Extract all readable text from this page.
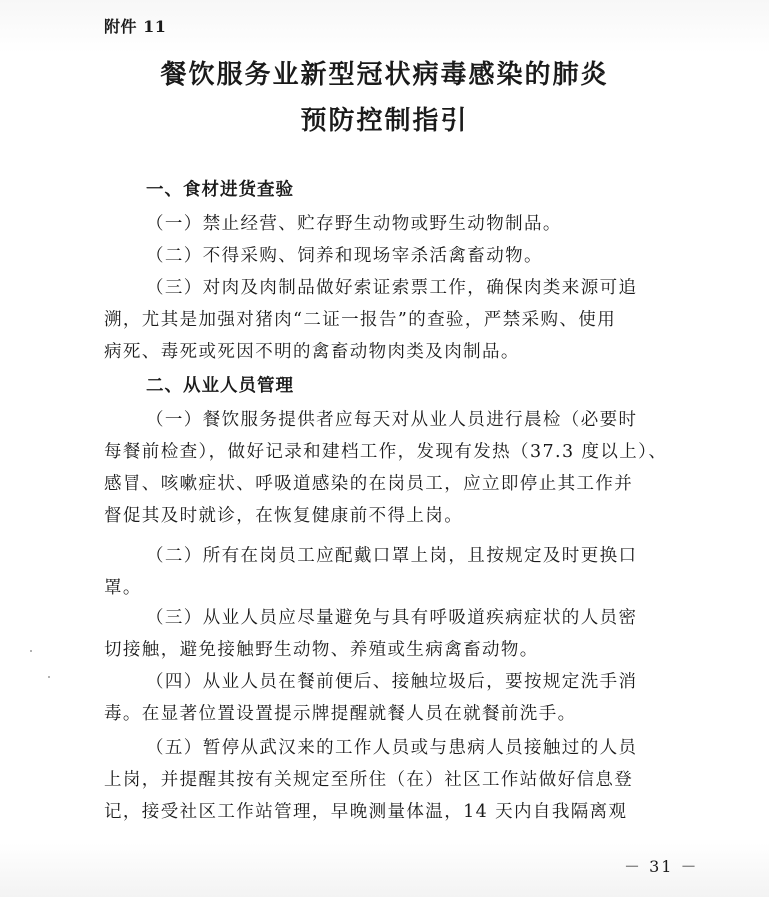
附件 11
餐饮服务业新型冠状病毒感染的肺炎
预防控制指引
一、食材进货查验
（一）禁止经营、贮存野生动物或野生动物制品。
（二）不得采购、饲养和现场宰杀活禽畜动物。
（三）对肉及肉制品做好索证索票工作，确保肉类来源可追
溯，尤其是加强对猪肉“二证一报告”的查验，严禁采购、使用
病死、毒死或死因不明的禽畜动物肉类及肉制品。
二、从业人员管理
（一）餐饮服务提供者应每天对从业人员进行晨检（必要时
每餐前检查），做好记录和建档工作，发现有发热（37.3 度以上）、
感冒、咳嗽症状、呼吸道感染的在岗员工，应立即停止其工作并
督促其及时就诊，在恢复健康前不得上岗。
（二）所有在岗员工应配戴口罩上岗，且按规定及时更换口
罩。
（三）从业人员应尽量避免与具有呼吸道疾病症状的人员密
切接触，避免接触野生动物、养殖或生病禽畜动物。
（四）从业人员在餐前便后、接触垃圾后，要按规定洗手消
毒。在显著位置设置提示牌提醒就餐人员在就餐前洗手。
（五）暂停从武汉来的工作人员或与患病人员接触过的人员
上岗，并提醒其按有关规定至所住（在）社区工作站做好信息登
记，接受社区工作站管理，早晚测量体温，14 天内自我隔离观
－ 31 －
